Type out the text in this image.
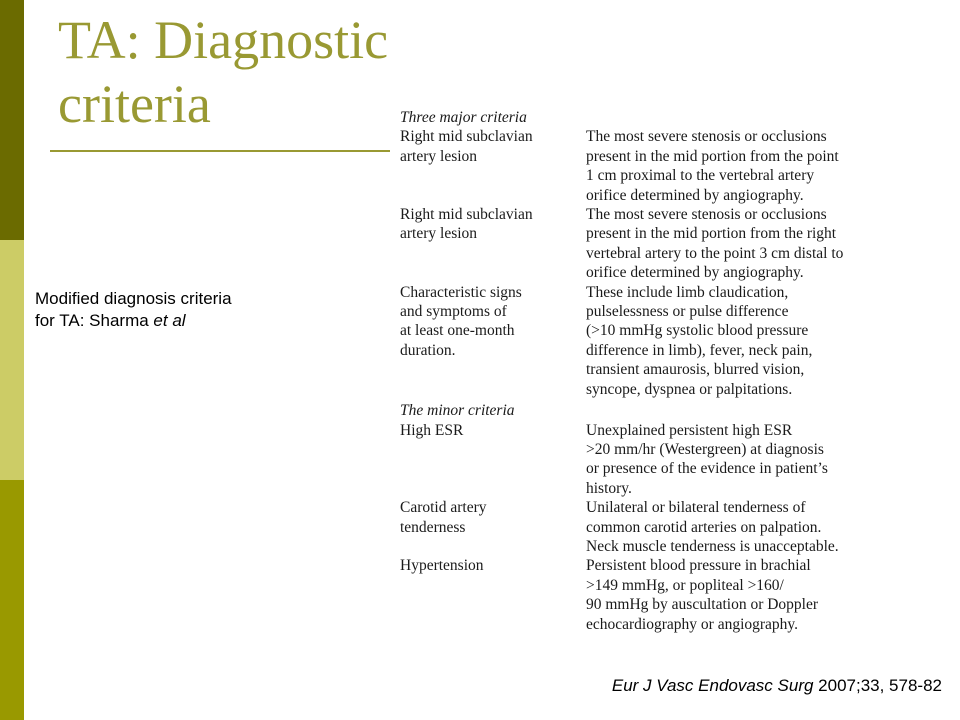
TA: Diagnostic
criteria
Modified diagnosis criteria
for TA: Sharma et al
Three major criteria
Right mid subclavian
artery lesion
The most severe stenosis or occlusions
present in the mid portion from the point
1 cm proximal to the vertebral artery
orifice determined by angiography.
Right mid subclavian
artery lesion
The most severe stenosis or occlusions
present in the mid portion from the right
vertebral artery to the point 3 cm distal to
orifice determined by angiography.
Characteristic signs
and symptoms of
at least one-month
duration.
These include limb claudication,
pulselessness or pulse difference
(>10 mmHg systolic blood pressure
difference in limb), fever, neck pain,
transient amaurosis, blurred vision,
syncope, dyspnea or palpitations.
The minor criteria
High ESR	Unexplained persistent high ESR
>20 mm/hr (Westergreen) at diagnosis
or presence of the evidence in patient’s
history.
Carotid artery
tenderness
Unilateral or bilateral tenderness of
common carotid arteries on palpation.
Neck muscle tenderness is unacceptable.
Hypertension	Persistent blood pressure in brachial
>149 mmHg, or popliteal >160/
90 mmHg by auscultation or Doppler
echocardiography or angiography.
Eur J Vasc Endovasc Surg 2007;33, 578-82
